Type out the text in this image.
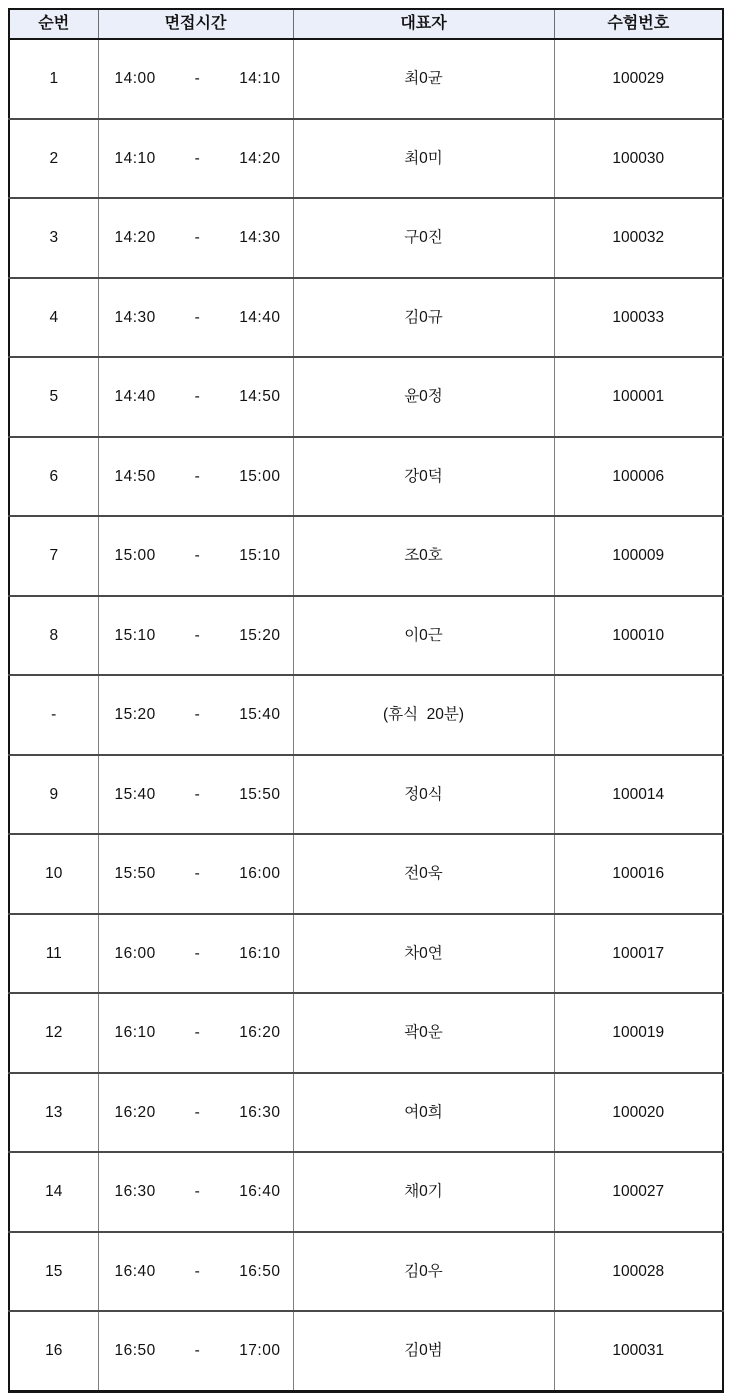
순번	면접시간	대표자	수험번호
1	14:00 - 14:10	최0균	100029
2	14:10 - 14:20	최0미	100030
3	14:20 - 14:30	구0진	100032
4	14:30 - 14:40	김0규	100033
5	14:40 - 14:50	윤0정	100001
6	14:50 - 15:00	강0덕	100006
7	15:00 - 15:10	조0호	100009
8	15:10 - 15:20	이0근	100010
-	15:20 - 15:40	(휴식  20분)	
9	15:40 - 15:50	정0식	100014
10	15:50 - 16:00	전0욱	100016
11	16:00 - 16:10	차0연	100017
12	16:10 - 16:20	곽0운	100019
13	16:20 - 16:30	여0희	100020
14	16:30 - 16:40	채0기	100027
15	16:40 - 16:50	김0우	100028
16	16:50 - 17:00	김0범	100031
